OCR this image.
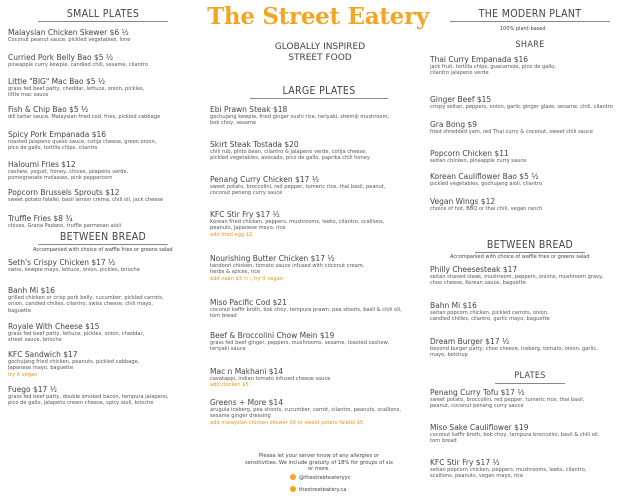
The Street Eatery
GLOBALLY INSPIRED STREET FOOD
SMALL PLATES
Malaysian Chicken Skewer $6 ½
Coconut peanut sauce, pickled vegetables, lime
Curried Pork Belly Bao $5 ½
pineapple curry kewpie, candied chili, sesame, cilantro
Little "BIG" Mac Bao $5 ½
grass fed beef patty, cheddar, lettuce, onion, pickles,
little mac sauce
Fish & Chip Bao $5 ½
dill tartar sauce, Malaysian fried cod, fries, pickled cabbage
Spicy Pork Empanada $16
roasted jalapeno queso sauce, cotija cheese, green onion,
pico de gallo, tortilla chips, cilantro
Haloumi Fries $12
cashew, yogurt, honey, chives, jalapeno verde,
pomegranate molasses, pink peppercorn
Popcorn Brussels Sprouts $12
sweet potato falafel, basil lemon crema, chili oil, jack cheese
Truffle Fries $8 ¾
chives, Grana Padano, truffle parmesan aioli
BETWEEN BREAD
Accompanied with choice of waffle fries or greens salad
Seth's Crispy Chicken $17 ½
swiss, kewpie mayo, lettuce, onion, pickles, brioche
Banh Mi $16
grilled chicken or crisp pork belly, cucumber, pickled carrots,
onion, candied chilies, cilantro, swiss cheese, chili mayo,
baguette
Royale With Cheese $15
grass fed beef patty, lettuce, pickles, onion, cheddar,
street sauce, brioche
KFC Sandwich $17
gochujang fried chicken, peanuts, pickled cabbage,
Japanese mayo, baguette
try it vegan
Fuego $17 ½
grass fed beef patty, double smoked bacon, tempura jalapeno,
pico de gallo, jalapeño cream cheese, spicy aioli, brioche
LARGE PLATES
Ebi Prawn Steak $18
gochujang kewpie, fried ginger sushi rice, teriyaki, shemiji mushroom,
bok choy, sesame
Skirt Steak Tostada $20
chili rub, pinto bean, cilantro & jalapeno verde, cotija cheese,
pickled vegetables, avocado, pico de gallo, paprika chili honey
Penang Curry Chicken $17 ½
sweet potato, broccolini, red pepper, tumeric rice, thai basil, peanut,
coconut penang curry sauce
KFC Stir Fry $17 ½
Korean fried chicken, peppers, mushrooms, leeks, cilantro, scallions,
peanuts, Japanese mayo, rice
add fried egg $2
Nourishing Butter Chicken $17 ½
tandoori chicken, tomato sauce infused with coconut cream,
herbs & spices, rice
add naan $3 ½ | try it vegan
Miso Pacific Cod $21
coconut kaffir broth, bok choy, tempura prawn, pea shoots, basil & chili oil,
torn bread
Beef & Broccolini Chow Mein $19
grass fed beef ginger, peppers, mushrooms, sesame, toasted cashew,
teriyaki sauce
Mac n Makhani $14
cavatappi, indian tomato infused cheese sauce
add chicken $5
Greens + More $14
arugula iceberg, pea shoots, cucumber, carrot, cilantro, peanuts, scallions,
sesame ginger dressing
add malaysian chicken skewer $6 or sweet potato falafel $5
THE MODERN PLANT
100% plant-based
SHARE
Thai Curry Empanada $16
jack fruit, tortilla chips, guacamole, pico de gallo,
cilantro jalapeno verde
Ginger Beef $15
crispy seitan, peppers, onion, garlic ginger glaze, sesame, chili, cilantro
Gra Bong $9
fried shredded yam, red Thai curry & coconut, sweet chili sauce
Popcorn Chicken $11
seitan chicken, pineapple curry sauce
Korean Cauliflower Bao $5 ½
pickled vegetables, gochujang aioli, cilantro
Vegan Wings $12
choice of hot, BBQ or thai chili, vegan ranch
BETWEEN BREAD
Accompanied with choice of waffle fries or greens salad
Philly Cheesesteak $17
seitan shaved steak, mushroom, peppers, onions, mushroom gravy,
choo cheese, Korean sauce, baguette
Bahn Mi $16
seitan popcorn chicken, pickled carrots, onion,
candied chilies, cilantro, garlic mayo, baguette
Dream Burger $17 ½
beyond burger patty, choo cheeze, iceberg, tomato, onion, garlic,
mayo, ketchup
PLATES
Penang Curry Tofu $17 ½
sweet potato, broccolini, red pepper, tumeric rice, thai basil,
peanut, coconut penang curry sauce
Miso Sake Cauliflower $19
coconut kaffir broth, bok choy, tempura broccolini, basil & chili oil,
torn bread
KFC Stir Fry $17 ½
seitan popcorn chicken, peppers, mushrooms, leeks, cilantro,
scallions, peanuts, vegan mayo, rice
Please let your server know of any allergies or sensitivities. We include gratuity of 18% for groups of six or more.
@thestreeteateryyc
thestreeteatery.ca
